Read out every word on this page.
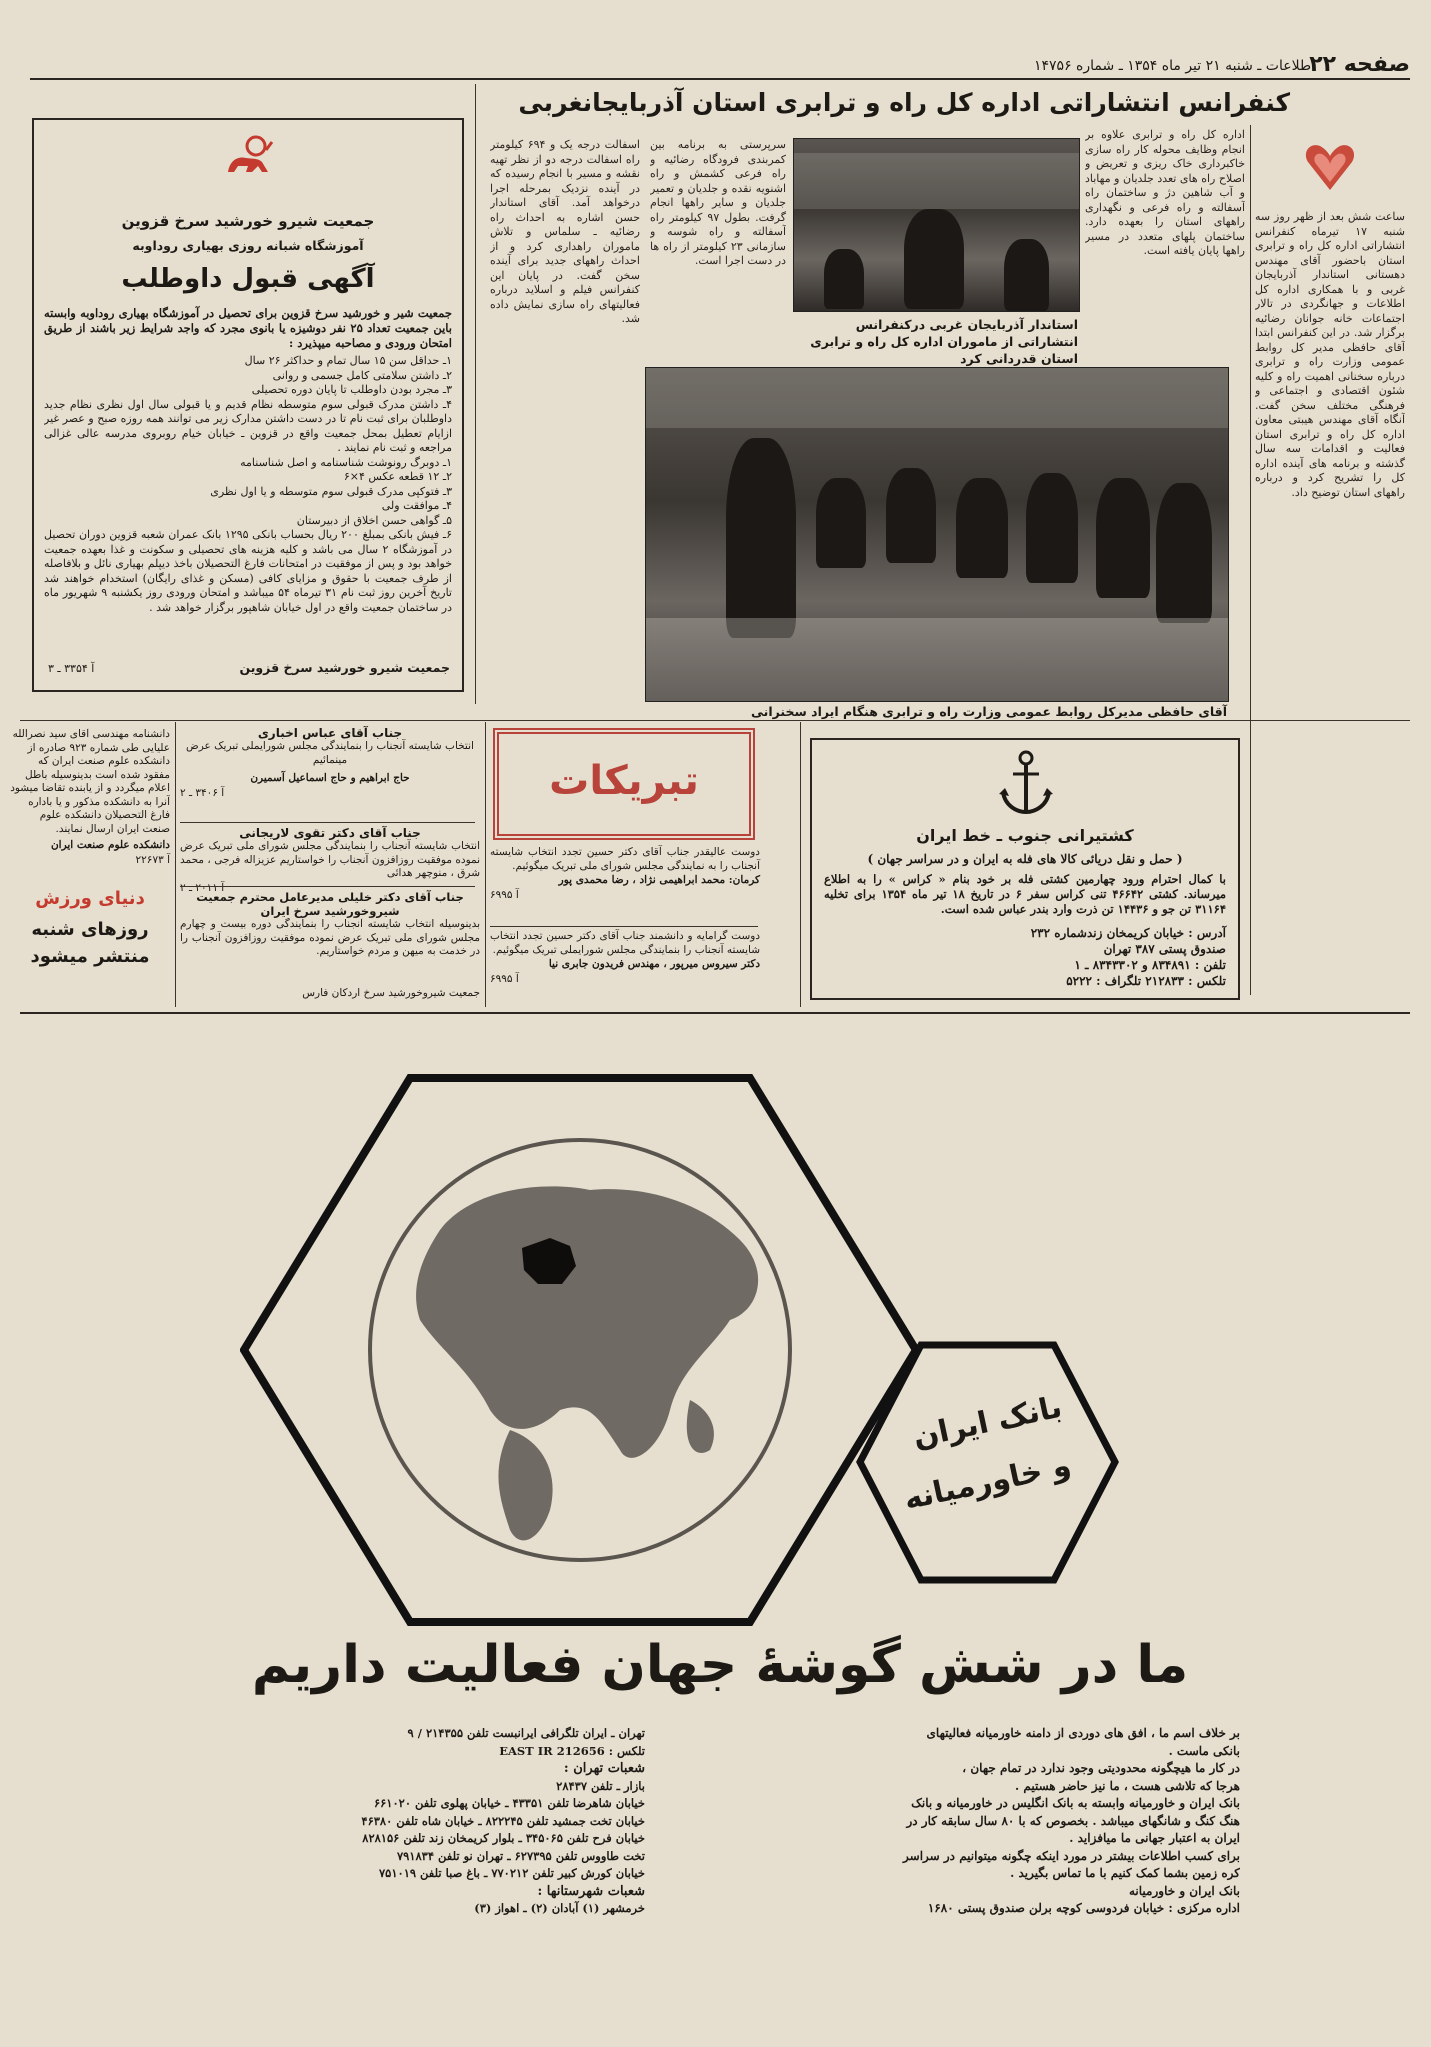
صفحه ۲۲
اطلاعات ـ شنبه ۲۱ تیر ماه ۱۳۵۴ ـ شماره ۱۴۷۵۶
کنفرانس انتشاراتی اداره کل راه و ترابری استان آذربایجانغربی
ساعت شش بعد از ظهر روز سه شنبه ۱۷ تیرماه کنفرانس انتشاراتی اداره کل راه و ترابری استان باحضور آقای مهندس دهستانی استاندار آذربایجان غربی و با همکاری اداره کل اطلاعات و جهانگردی در تالار اجتماعات خانه جوانان رضائیه برگزار شد. در این کنفرانس ابتدا آقای حافظی مدیر کل روابط عمومی وزارت راه و ترابری درباره سخنانی اهمیت راه و کلیه شئون اقتصادی و اجتماعی و فرهنگی مختلف سخن گفت. آنگاه آقای مهندس هیبتی معاون اداره کل راه و ترابری استان فعالیت و اقدامات سه سال گذشته و برنامه های آینده اداره کل را تشریح کرد و درباره راههای استان توضیح داد.
اداره کل راه و ترابری علاوه بر انجام وظایف محوله کار راه سازی خاکبرداری خاک ریزی و تعریض و اصلاح راه های تعدد جلدیان و مهاباد و آب شاهین دژ و ساختمان راه آسفالته و راه فرعی و نگهداری راههای استان را بعهده دارد. ساختمان پلهای متعدد در مسیر راهها پایان یافته است.
استاندار آذربایجان غربی درکنفرانس انتشاراتی از ماموران اداره کل راه و ترابری استان قدردانی کرد
سرپرستی به برنامه بین کمربندی فرودگاه رضائیه و راه فرعی کشمش و راه اشنویه نقده و جلدیان و تعمیر جلدیان و سایر راهها انجام گرفت. بطول ۹۷ کیلومتر راه آسفالته و راه شوسه و سازمانی ۲۳ کیلومتر از راه ها در دست اجرا است.
اسفالت درجه یک و ۶۹۴ کیلومتر راه اسفالت درجه دو از نظر تهیه نقشه و مسیر با انجام رسیده که در آینده نزدیک بمرحله اجرا درخواهد آمد. آقای استاندار حسن اشاره به احداث راه رضائیه ـ سلماس و تلاش ماموران راهداری کرد و از احداث راههای جدید برای آینده سخن گفت. در پایان این کنفرانس فیلم و اسلاید درباره فعالیتهای راه سازی نمایش داده شد.
آقای حافظی مدیرکل روابط عمومی وزارت راه و ترابری هنگام ایراد سخنرانی
جمعیت شیرو خورشید سرخ قزوین
آموزشگاه شبانه روزی بهیاری روداوبه
آگهی قبول داوطلب
جمعیت شیر و خورشید سرخ قزوین برای تحصیل در آموزشگاه بهیاری روداوبه وابسته باین جمعیت تعداد ۲۵ نفر دوشیزه یا بانوی مجرد که واجد شرایط زیر باشند از طریق امتحان ورودی و مصاحبه میپذیرد :
۱ـ حداقل سن ۱۵ سال تمام و حداکثر ۲۶ سال
۲ـ داشتن سلامتی کامل جسمی و روانی
۳ـ مجرد بودن داوطلب تا پایان دوره تحصیلی
۴ـ داشتن مدرک قبولی سوم متوسطه نظام قدیم و یا قبولی سال اول نظری نظام جدید داوطلبان برای ثبت نام تا در دست داشتن مدارک زیر می توانند همه روزه صبح و عصر غیر ازایام تعطیل بمحل جمعیت واقع در قزوین ـ خیابان خیام روبروی مدرسه عالی غزالی مراجعه و ثبت نام نمایند .
۱ـ دوبرگ رونوشت شناسنامه و اصل شناسنامه
۲ـ ۱۲ قطعه عکس ۴×۶
۳ـ فتوکپی مدرک قبولی سوم متوسطه و یا اول نظری
۴ـ موافقت ولی
۵ـ گواهی حسن اخلاق از دبیرستان
۶ـ فیش بانکی بمبلغ ۲۰۰ ریال بحساب بانکی ۱۲۹۵ بانک عمران شعبه قزوین دوران تحصیل در آموزشگاه ۲ سال می باشد و کلیه هزینه های تحصیلی و سکونت و غذا بعهده جمعیت خواهد بود و پس از موفقیت در امتحانات فارغ التحصیلان باخذ دیپلم بهیاری نائل و بلافاصله از طرف جمعیت با حقوق و مزایای کافی (مسکن و غذای رایگان) استخدام خواهند شد تاریخ آخرین روز ثبت نام ۳۱ تیرماه ۵۴ میباشد و امتحان ورودی روز یکشنبه ۹ شهریور ماه در ساختمان جمعیت واقع در اول خیابان شاهپور برگزار خواهد شد .
جمعیت شیرو خورشید سرخ قزوین
آ ۳۳۵۴ ـ ۳
دانشنامه مهندسی آقای سید نصرالله علیایی طی شماره ۹۲۳ صادره از دانشکده علوم صنعت ایران که مفقود شده است بدینوسیله باطل اعلام میگردد و از یابنده تقاضا میشود آنرا به دانشکده مذکور و یا باداره فارغ التحصیلان دانشکده علوم صنعت ایران ارسال نمایند.
دانشکده علوم صنعت ایران
آ ۲۲۶۷۳
دنیای ورزش
روزهای شنبه
منتشر میشود
جناب آقای عباس اخباری
انتخاب شایسته آنجناب را بنمایندگی مجلس شورایملی تبریک عرض مینمائیم
حاج ابراهیم و حاج اسماعیل آسمیرن
آ ۳۴۰۶ ـ ۲
جناب آقای دکتر تقوی لاریجانی
انتخاب شایسته آنجناب را بنمایندگی مجلس شورای ملی تبریک عرض نموده موفقیت روزافزون آنجناب را خواستاریم عزیزاله فرجی ، محمد شرق ، منوچهر هدائی
آ ۲۰۱۱ ـ ۲
جناب آقای دکتر خلیلی مدیرعامل محترم جمعیت شیروخورشید سرخ ایران
بدینوسیله انتخاب شایسته آنجناب را بنمایندگی دوره بیست و چهارم مجلس شورای ملی تبریک عرض نموده موفقیت روزافزون آنجناب را در خدمت به میهن و مردم خواستاریم.
جمعیت شیروخورشید سرخ اردکان فارس
تبریکات
دوست عالیقدر جناب آقای دکتر حسین تجدد انتخاب شایسته آنجناب را به نمایندگی مجلس شورای ملی تبریک میگوئیم.
کرمان: محمد ابراهیمی نژاد ، رضا محمدی پور
آ ۶۹۹۵
دوست گرامایه و دانشمند جناب آقای دکتر حسین تجدد انتخاب شایسته آنجناب را بنمایندگی مجلس شورایملی تبریک میگوئیم.
دکتر سیروس میرپور ، مهندس فریدون جابری نیا
آ ۶۹۹۵
کشتیرانی جنوب ـ خط ایران
( حمل و نقل دریائی کالا های فله به ایران و در سراسر جهان )
با کمال احترام ورود چهارمین کشتی فله بر خود بنام « کراس » را به اطلاع میرساند. کشتی ۴۶۶۴۲ تنی کراس سفر ۶ در تاریخ ۱۸ تیر ماه ۱۳۵۴ برای تخلیه ۳۱۱۶۴ تن جو و ۱۴۴۳۶ تن ذرت وارد بندر عباس شده است.
آدرس : خیابان کریمخان زندشماره ۲۳۲
صندوق پستی ۳۸۷ تهران
تلفن : ۸۳۴۸۹۱ و ۸۳۴۳۳۰۲ ـ ۱
تلکس : ۲۱۲۸۳۳ تلگراف : ۵۲۲۲
بانک ایران
و خاورمیانه
ما در شش گوشهٔ جهان فعالیت داریم
بر خلاف اسم ما ، افق های دوردی از دامنه خاورمیانه فعالیتهای
بانکی ماست .
در کار ما هیچگونه محدودیتی وجود ندارد در تمام جهان ،
هرجا که تلاشی هست ، ما نیز حاضر هستیم .
بانک ایران و خاورمیانه وابسته به بانک انگلیس در خاورمیانه و بانک
هنگ کنگ و شانگهای میباشد . بخصوص که با ۸۰ سال سابقه کار در
ایران به اعتبار جهانی ما میافزاید .
برای کسب اطلاعات بیشتر در مورد اینکه چگونه میتوانیم در سراسر
کره زمین بشما کمک کنیم با ما تماس بگیرید .
بانک ایران و خاورمیانه
اداره مرکزی : خیابان فردوسی کوچه برلن صندوق پستی ۱۶۸۰
تهران ـ ایران تلگرافی ایرانبست تلفن ۲۱۴۳۵۵ / ۹
تلکس : 212656 EAST IR
شعبات تهران :
بازار ـ تلفن ۲۸۴۳۷
خیابان شاهرضا تلفن ۴۳۳۵۱ ـ خیابان پهلوی تلفن ۶۶۱۰۲۰
خیابان تخت جمشید تلفن ۸۲۲۲۴۵ ـ خیابان شاه تلفن ۴۶۳۸۰
خیابان فرح تلفن ۳۴۵۰۶۵ ـ بلوار کریمخان زند تلفن ۸۲۸۱۵۶
تخت طاووس تلفن ۶۲۷۳۹۵ ـ تهران نو تلفن ۷۹۱۸۳۴
خیابان کورش کبیر تلفن ۷۷۰۲۱۲ ـ باغ صبا تلفن ۷۵۱۰۱۹
شعبات شهرستانها :
خرمشهر (۱) آبادان (۲) ـ اهواز (۳)
